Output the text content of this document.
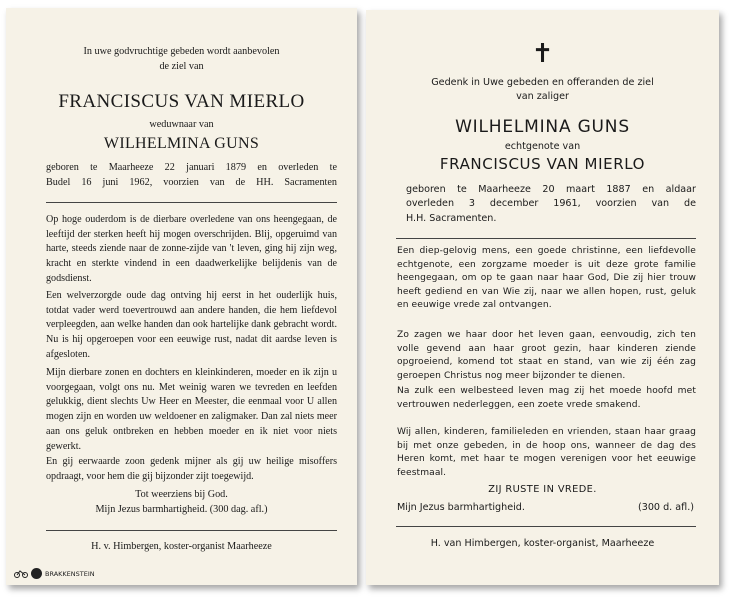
In uwe godvruchtige gebeden wordt aanbevolen

de ziel van

FRANCISCUS VAN MIERLO
weduwnaar van
WILHELMINA GUNS

geboren te Maarheeze 22 januari 1879 en overleden te

Budel 16 juni 1962, voorzien van de HH. Sacramenten

Op hoge ouderdom is de dierbare overledene van ons heengegaan, de leeftijd der sterken heeft hij mogen overschrijden. Blij, opgeruimd van harte, steeds ziende naar de zonne-zijde van 't leven, ging hij zijn weg, kracht en sterkte vindend in een daadwerkelijke belijdenis van de godsdienst.

Een welverzorgde oude dag ontving hij eerst in het ouderlijk huis, totdat vader werd toevertrouwd aan andere handen, die hem liefdevol verpleegden, aan welke handen dan ook hartelijke dank gebracht wordt. Nu is hij opgeroepen voor een eeuwige rust, nadat dit aardse leven is afgesloten.

Mijn dierbare zonen en dochters en kleinkinderen, moeder en ik zijn u voorgegaan, volgt ons nu. Met weinig waren we tevreden en leefden gelukkig, dient slechts Uw Heer en Meester, die eenmaal voor U allen mogen zijn en worden uw weldoener en zaligmaker. Dan zal niets meer aan ons geluk ontbreken en hebben moeder en ik niet voor niets gewerkt.

En gij eerwaarde zoon gedenk mijner als gij uw heilige misoffers opdraagt, voor hem die gij bijzonder zijt toegewijd.

Tot weerziens bij God.
Mijn Jezus barmhartigheid. (300 dag. afl.)
H. v. Himbergen, koster-organist Maarheeze
✝

Gedenk in Uwe gebeden en offeranden de ziel

van zaliger

WILHELMINA GUNS
echtgenote van
FRANCISCUS VAN MIERLO

geboren te Maarheeze 20 maart 1887 en aldaar

overleden 3 december 1961, voorzien van de

H.H. Sacramenten.

Een diep-gelovig mens, een goede christinne, een liefdevolle echtgenote, een zorgzame moeder is uit deze grote familie heengegaan, om op te gaan naar haar God, Die zij hier trouw heeft gediend en van Wie zij, naar we allen hopen, rust, geluk en eeuwige vrede zal ontvangen.

Zo zagen we haar door het leven gaan, eenvoudig, zich ten volle gevend aan haar groot gezin, haar kinderen ziende opgroeiend, komend tot staat en stand, van wie zij één zag geroepen Christus nog meer bijzonder te dienen.

Na zulk een welbesteed leven mag zij het moede hoofd met vertrouwen nederleggen, een zoete vrede smakend.

Wij allen, kinderen, familieleden en vrienden, staan haar graag bij met onze gebeden, in de hoop ons, wanneer de dag des Heren komt, met haar te mogen verenigen voor het eeuwige feestmaal.

ZIJ RUSTE IN VREDE.
Mijn Jezus barmhartigheid.	(300 d. afl.)
H. van Himbergen, koster-organist, Maarheeze
BRAKKENSTEIN
